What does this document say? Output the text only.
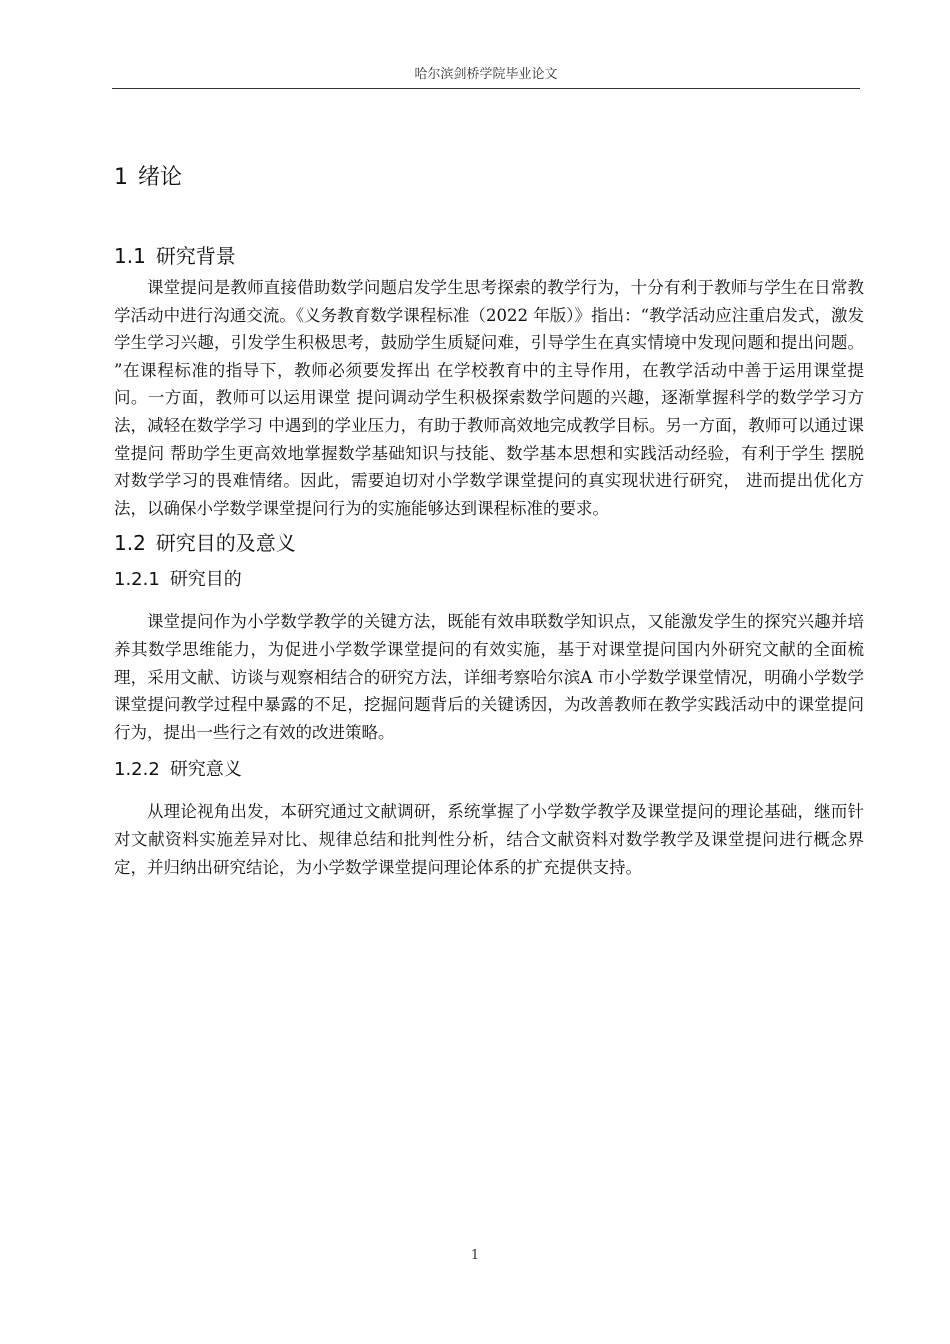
哈尔滨剑桥学院毕业论文
1 绪论
1.1 研究背景

课堂提问是教师直接借助数学问题启发学生思考探索的教学行为，十分有利于教师与学生在日常教学活动中进行沟通交流。《义务教育数学课程标准（2022 年版）》指出：“教学活动应注重启发式，激发学生学习兴趣，引发学生积极思考，鼓励学生质疑问难，引导学生在真实情境中发现问题和提出问题。 ”在课程标准的指导下，教师必须要发挥出 在学校教育中的主导作用，在教学活动中善于运用课堂提问。一方面，教师可以运用课堂 提问调动学生积极探索数学问题的兴趣，逐渐掌握科学的数学学习方法，减轻在数学学习 中遇到的学业压力，有助于教师高效地完成教学目标。另一方面，教师可以通过课堂提问 帮助学生更高效地掌握数学基础知识与技能、数学基本思想和实践活动经验，有利于学生 摆脱对数学学习的畏难情绪。因此，需要迫切对小学数学课堂提问的真实现状进行研究， 进而提出优化方法，以确保小学数学课堂提问行为的实施能够达到课程标准的要求。

1.2 研究目的及意义
1.2.1 研究目的

课堂提问作为小学数学教学的关键方法，既能有效串联数学知识点，又能激发学生的探究兴趣并培养其数学思维能力，为促进小学数学课堂提问的有效实施，基于对课堂提问国内外研究文献的全面梳理，采用文献、访谈与观察相结合的研究方法，详细考察哈尔滨A 市小学数学课堂情况，明确小学数学课堂提问教学过程中暴露的不足，挖掘问题背后的关键诱因，为改善教师在教学实践活动中的课堂提问行为，提出一些行之有效的改进策略。

1.2.2 研究意义

从理论视角出发，本研究通过文献调研，系统掌握了小学数学教学及课堂提问的理论基础，继而针对文献资料实施差异对比、规律总结和批判性分析，结合文献资料对数学教学及课堂提问进行概念界定，并归纳出研究结论，为小学数学课堂提问理论体系的扩充提供支持。

1
